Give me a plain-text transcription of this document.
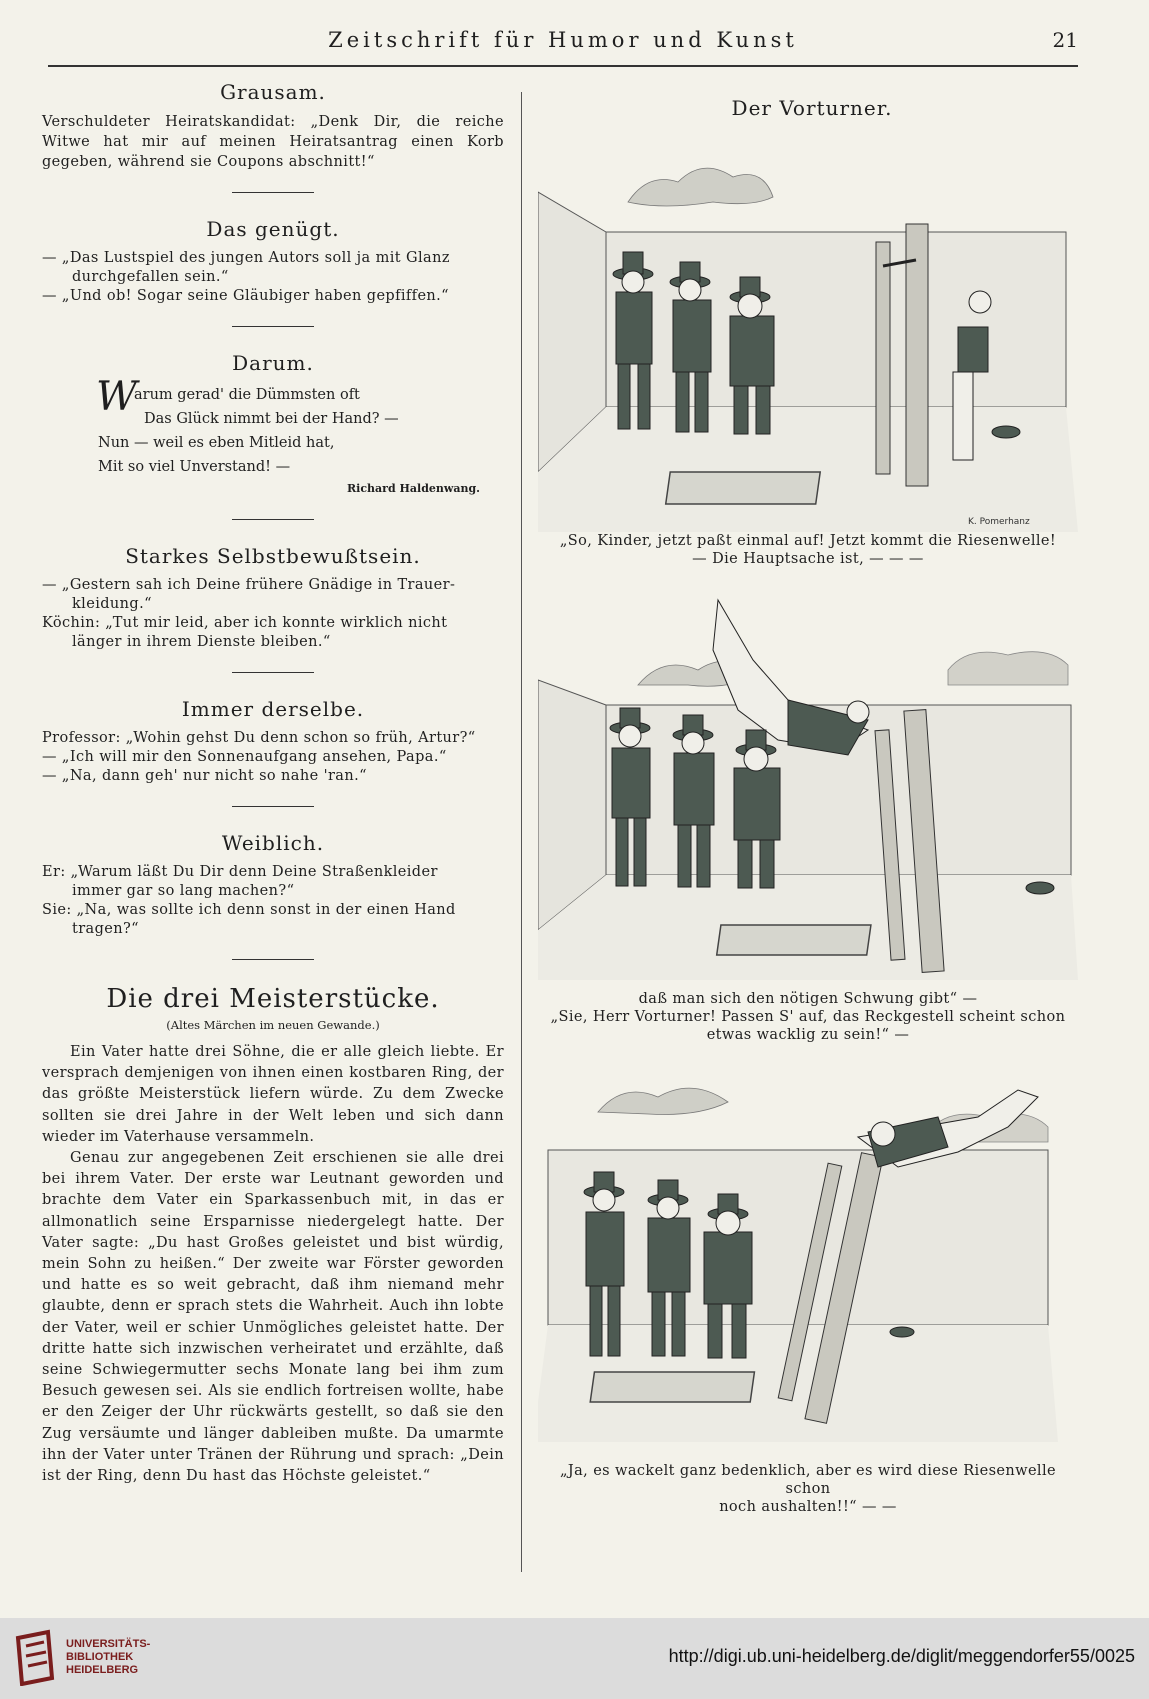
Zeitschrift für Humor und Kunst	21
Grausam.

Verschuldeter Heiratskandidat: „Denk Dir, die reiche Witwe hat mir auf meinen Heiratsantrag einen Korb gegeben, während sie Coupons abschnitt!“

Das genügt.
— „Das Lustspiel des jungen Autors soll ja mit Glanz
durchgefallen sein.“
— „Und ob! Sogar seine Gläubiger haben gepfiffen.“
Darum.
W
arum gerad' die Dümmsten oft
Das Glück nimmt bei der Hand? —
Nun — weil es eben Mitleid hat,
Mit so viel Unverstand! —
Richard Haldenwang.
Starkes Selbstbewußtsein.
— „Gestern sah ich Deine frühere Gnädige in Trauer-
kleidung.“
Köchin: „Tut mir leid, aber ich konnte wirklich nicht
länger in ihrem Dienste bleiben.“
Immer derselbe.
Professor: „Wohin gehst Du denn schon so früh, Artur?“
— „Ich will mir den Sonnenaufgang ansehen, Papa.“
— „Na, dann geh' nur nicht so nahe 'ran.“
Weiblich.
Er: „Warum läßt Du Dir denn Deine Straßenkleider
immer gar so lang machen?“
Sie: „Na, was sollte ich denn sonst in der einen Hand
tragen?“
Die drei Meisterstücke.
(Altes Märchen im neuen Gewande.)

Ein Vater hatte drei Söhne, die er alle gleich liebte. Er versprach demjenigen von ihnen einen kostbaren Ring, der das größte Meisterstück liefern würde. Zu dem Zwecke sollten sie drei Jahre in der Welt leben und sich dann wieder im Vaterhause versammeln.

Genau zur angegebenen Zeit erschienen sie alle drei bei ihrem Vater. Der erste war Leutnant geworden und brachte dem Vater ein Sparkassenbuch mit, in das er allmonatlich seine Ersparnisse niedergelegt hatte. Der Vater sagte: „Du hast Großes geleistet und bist würdig, mein Sohn zu heißen.“ Der zweite war Förster geworden und hatte es so weit gebracht, daß ihm niemand mehr glaubte, denn er sprach stets die Wahrheit. Auch ihn lobte der Vater, weil er schier Unmögliches geleistet hatte. Der dritte hatte sich inzwischen verheiratet und erzählte, daß seine Schwiegermutter sechs Monate lang bei ihm zum Besuch gewesen sei. Als sie endlich fortreisen wollte, habe er den Zeiger der Uhr rückwärts gestellt, so daß sie den Zug versäumte und länger dableiben mußte. Da umarmte ihn der Vater unter Tränen der Rührung und sprach: „Dein ist der Ring, denn Du hast das Höchste geleistet.“

Der Vorturner.
K. Pomerhanz
„So, Kinder, jetzt paßt einmal auf! Jetzt kommt die Riesenwelle!
— Die Hauptsache ist, — — —
daß man sich den nötigen Schwung gibt“ —
„Sie, Herr Vorturner! Passen S' auf, das Reckgestell scheint schon
etwas wacklig zu sein!“ —
„Ja, es wackelt ganz bedenklich, aber es wird diese Riesenwelle schon
noch aushalten!!“ — —
UNIVERSITÄTS-
BIBLIOTHEK
HEIDELBERG
http://digi.ub.uni-heidelberg.de/diglit/meggendorfer55/0025
